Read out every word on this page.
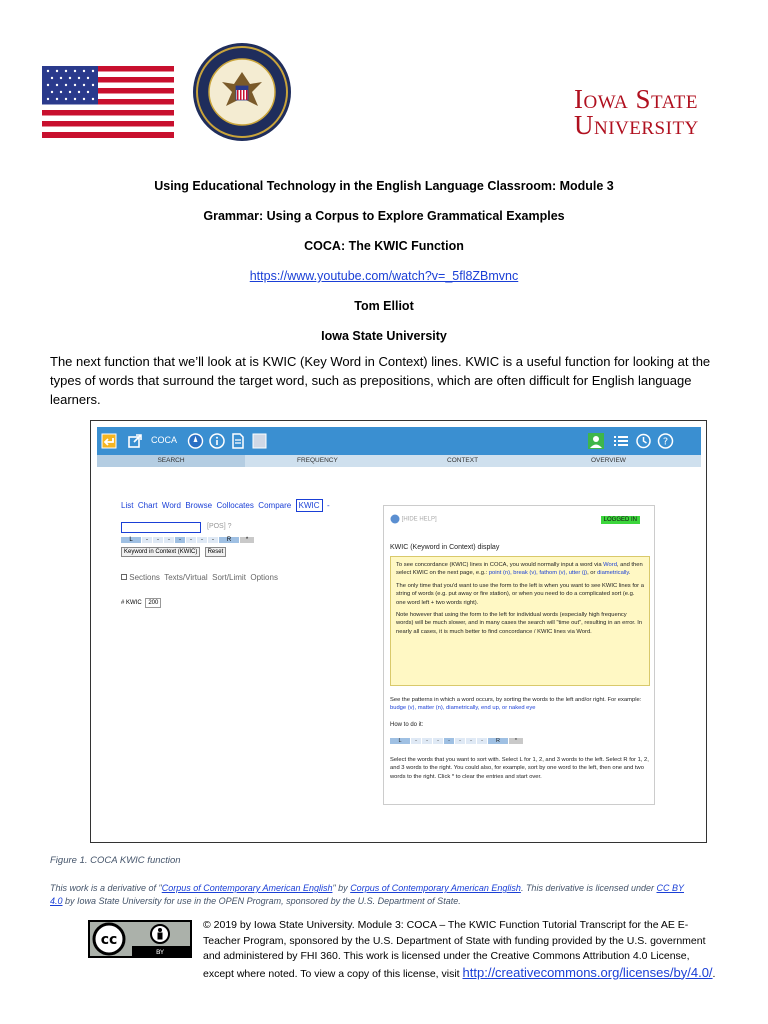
Iowa State
University
Using Educational Technology in the English Language Classroom: Module 3
Grammar: Using a Corpus to Explore Grammatical Examples
COCA: The KWIC Function
https://www.youtube.com/watch?v=_5fl8ZBmvnc
Tom Elliot
Iowa State University
The next function that we’ll look at is KWIC (Key Word in Context) lines. KWIC is a useful function for looking at the types of words that surround the target word, such as prepositions, which are often difficult for English language learners.
COCA	?
SEARCH	FREQUENCY	CONTEXT	OVERVIEW
List Chart Word Browse Collocates Compare KWIC -
[POS] ?
L	-	-	-	-	-	-	-	R	*
Keyword in Context (KWIC) Reset
Sections Texts/Virtual Sort/Limit Options
# KWIC 200
[HIDE HELP]	LOGGED IN
KWIC (Keyword in Context) display
To see concordance (KWIC) lines in COCA, you would normally input a word via Word, and then select KWIC on the next page, e.g.: point (n), break (v), fathom (v), utter (j), or diametrically.
The only time that you'd want to use the form to the left is when you want to see KWIC lines for a string of words (e.g. put away or fire station), or when you need to do a complicated sort (e.g. one word left + two words right).
Note however that using the form to the left for individual words (especially high frequency words) will be much slower, and in many cases the search will "time out", resulting in an error. In nearly all cases, it is much better to find concordance / KWIC lines via Word.
See the patterns in which a word occurs, by sorting the words to the left and/or right. For example: budge (v), matter (n), diametrically, end up, or naked eye
How to do it:
L	-	-	-	-	-	-	-	R	*
Select the words that you want to sort with. Select L for 1, 2, and 3 words to the left. Select R for 1, 2, and 3 words to the right. You could also, for example, sort by one word to the left, then one and two words to the right. Click * to clear the entries and start over.
Figure 1. COCA KWIC function
This work is a derivative of "Corpus of Contemporary American English" by Corpus of Contemporary American English. This derivative is licensed under CC BY 4.0 by Iowa State University for use in the OPEN Program, sponsored by the U.S. Department of State.
cc
BY
© 2019 by Iowa State University. Module 3: COCA – The KWIC Function Tutorial Transcript for the AE E-Teacher Program, sponsored by the U.S. Department of State with funding provided by the U.S. government and administered by FHI 360. This work is licensed under the Creative Commons Attribution 4.0 License, except where noted. To view a copy of this license, visit http://creativecommons.org/licenses/by/4.0/.
